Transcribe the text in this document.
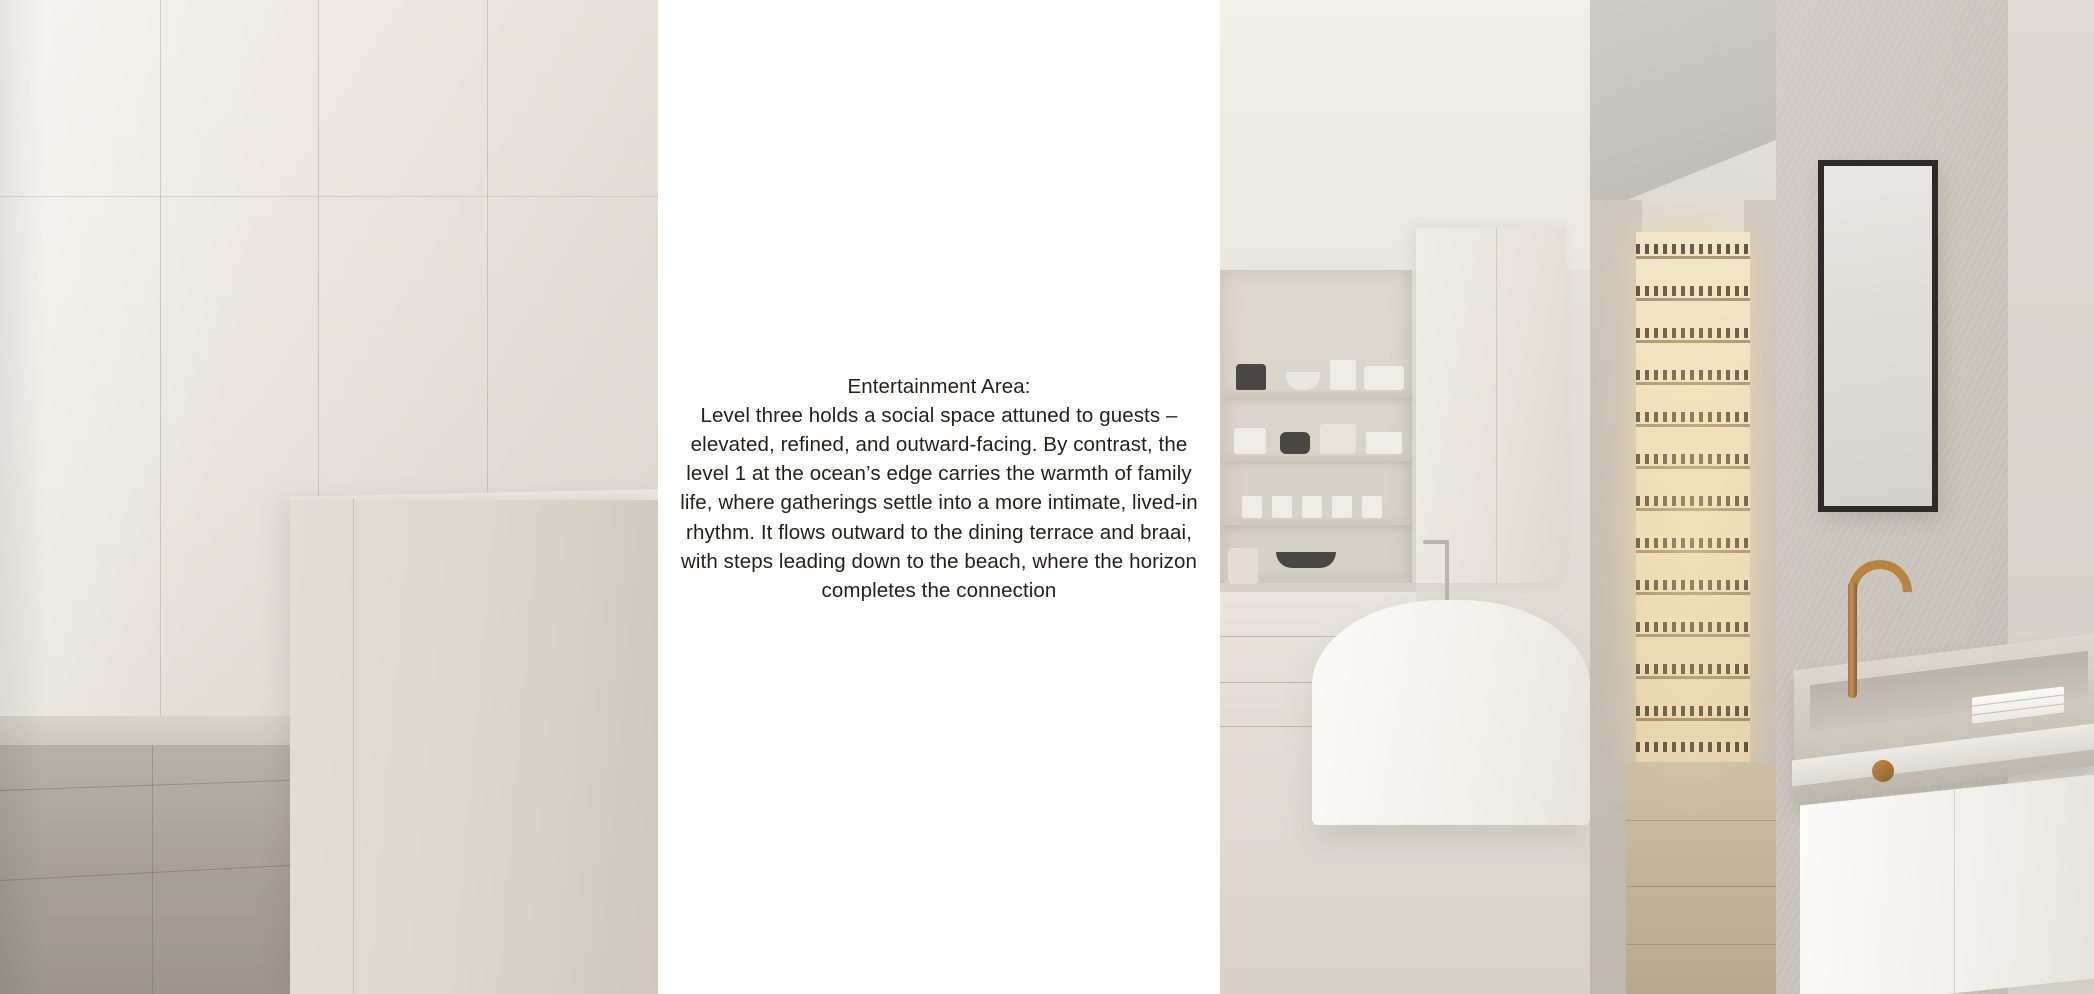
Entertainment Area:
Level three holds a social space attuned to guests – elevated, refined, and outward-facing. By contrast, the level 1 at the ocean’s edge carries the warmth of family life, where gatherings settle into a more intimate, lived-in rhythm. It flows outward to the dining terrace and braai, with steps leading down to the beach, where the horizon completes the connection
